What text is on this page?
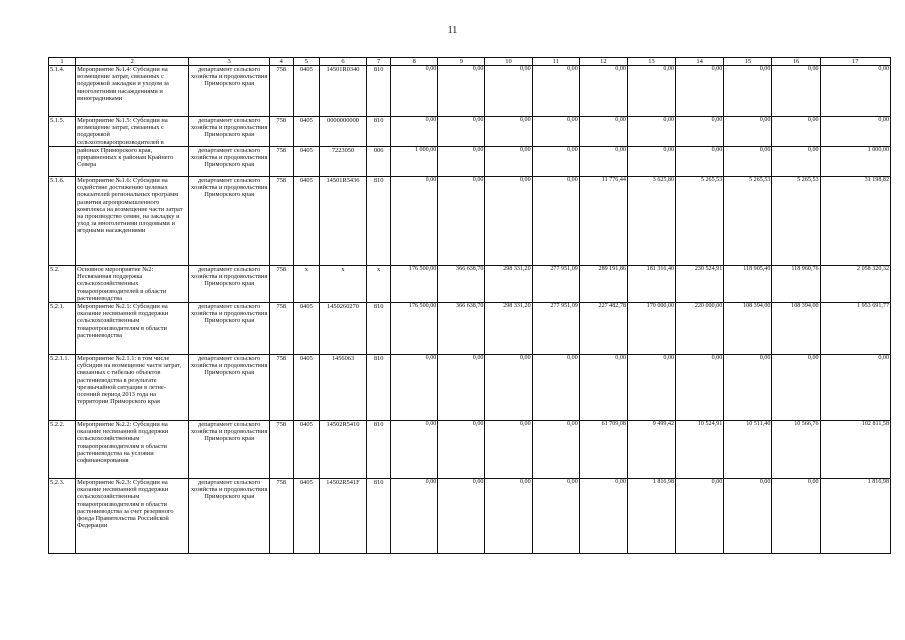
11
1	2	3	4	5	6	7	8	9	10	11	12	13	14	15	16	17
5.1.4.	Мероприятие №1.4: Субсидии на возмещение затрат, связанных с поддержкой закладки и уходом за многолетними насаждениями и виноградниками	департамент сельского хозяйства и продовольствия Приморского края	758	0405	14501R0340	810	0,00	0,00	0,00	0,00	0,00	0,00	0,00	0,00	0,00	0,00
5.1.5.	Мероприятие №1.5: Субсидии на возмещение затрат, связанных с поддержкой сельхозтоваропроизводителей в	департамент сельского хозяйства и продовольствия Приморского края	758	0405	0000000000	810	0,00	0,00	0,00	0,00	0,00	0,00	0,00	0,00	0,00	0,00
	районах Приморского края, приравненных к районам Крайнего Севера	департамент сельского хозяйства и продовольствия Приморского края	758	0405	7223050	006	1 000,00	0,00	0,00	0,00	0,00	0,00	0,00	0,00	0,00	1 000,00
5.1.6.	Мероприятие №1.6: Субсидии на содействие достижению целевых показателей региональных программ развития агропромышленного комплекса на возмещение части затрат на производство семян, на закладку и уход за многолетними плодовыми и ягодными насаждениями	департамент сельского хозяйства и продовольствия Приморского края	758	0405	14501R5436	810	0,00	0,00	0,00	0,00	11 776,44	3 625,80	5 265,53	5 265,53	5 265,53	31 198,82
5.2.	Основное мероприятие №2: Несвязанная поддержка сельскохозяйственных товаропроизводителей в области растениеводства	департамент сельского хозяйства и продовольствия Приморского края	758	x	x	x	176 500,00	366 638,70	298 331,20	277 951,09	289 191,86	181 316,40	230 524,91	118 905,40	118 960,76	2 058 320,32
5.2.1.	Мероприятие №2.1: Субсидии на оказание несвязанной поддержки сельскохозяйственным товаропроизводителям в области растениеводства	департамент сельского хозяйства и продовольствия Приморского края	758	0405	1450260270	810	176 500,00	366 638,70	298 331,20	277 951,09	227 482,78	170 000,00	220 000,00	108 394,00	108 394,00	1 953 691,77
5.2.1.1.	Мероприятие №2.1.1: в том числе субсидии на возмещение части затрат, связанных с гибелью объектов растениеводства в результате чрезвычайной ситуации в летне-осенний период 2013 года на территории Приморского края	департамент сельского хозяйства и продовольствия Приморского края	758	0405	1456063	810	0,00	0,00	0,00	0,00	0,00	0,00	0,00	0,00	0,00	0,00
5.2.2.	Мероприятие №2.2: Субсидии на оказание несвязанной поддержки сельскохозяйственным товаропроизводителям в области растениеводства на условии софинансирования	департамент сельского хозяйства и продовольствия Приморского края	758	0405	14502R5410	810	0,00	0,00	0,00	0,00	61 709,08	9 499,42	10 524,91	10 511,40	10 566,76	102 811,58
5.2.3.	Мероприятие №2.3: Субсидии на оказание несвязанной поддержки сельскохозяйственным товаропроизводителям в области растениеводства за счет резервного фонда Правительства Российской Федерации	департамент сельского хозяйства и продовольствия Приморского края	758	0405	14502R541F	810	0,00	0,00	0,00	0,00	0,00	1 816,98	0,00	0,00	0,00	1 816,98
